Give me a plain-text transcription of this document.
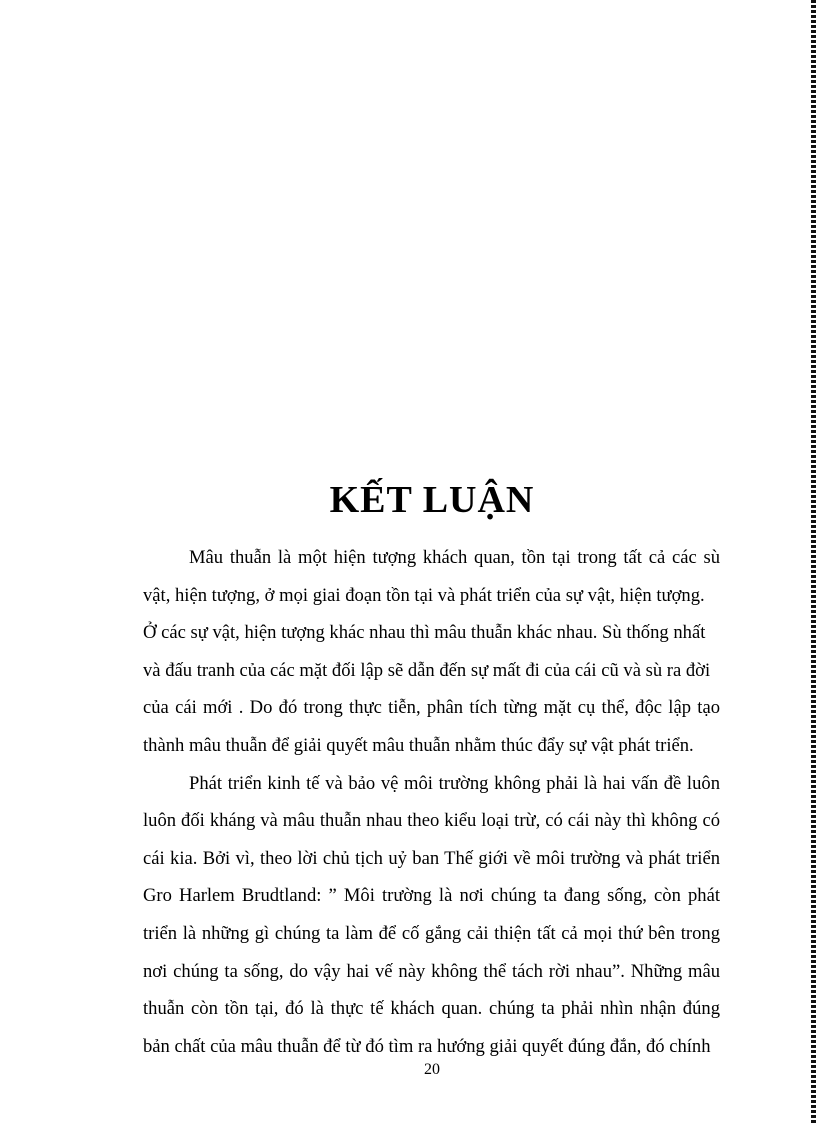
KẾT LUẬN
Mâu thuẫn là một hiện tượng khách quan, tồn tại trong tất cả các sù
vật, hiện tượng, ở mọi giai đoạn tồn tại và phát triển của sự vật, hiện tượng.
Ở các sự vật, hiện tượng khác nhau thì mâu thuẫn khác nhau. Sù thống nhất
và đấu tranh của các mặt đối lập sẽ dẫn đến sự mất đi của cái cũ và sù ra đời
của cái mới . Do đó trong thực tiễn, phân tích từng mặt cụ thể, độc lập tạo
thành mâu thuẫn để giải quyết mâu thuẫn nhằm thúc đẩy sự vật phát triển.
Phát triển kinh tế và bảo vệ môi trường không phải là hai vấn đề luôn
luôn đối kháng và mâu thuẫn nhau theo kiểu loại trừ, có cái này thì không có
cái kia. Bởi vì, theo lời chủ tịch uỷ ban Thế giới về môi trường và phát triển
Gro Harlem Brudtland: ” Môi trường là nơi chúng ta đang sống, còn phát
triển là những gì chúng ta làm để cố gắng cải thiện tất cả mọi thứ bên trong
nơi chúng ta sống, do vậy hai vế này không thể tách rời nhau”. Những mâu
thuẫn còn tồn tại, đó là thực tế khách quan. chúng ta phải nhìn nhận đúng
bản chất của mâu thuẫn để từ đó tìm ra hướng giải quyết đúng đắn, đó chính
20
